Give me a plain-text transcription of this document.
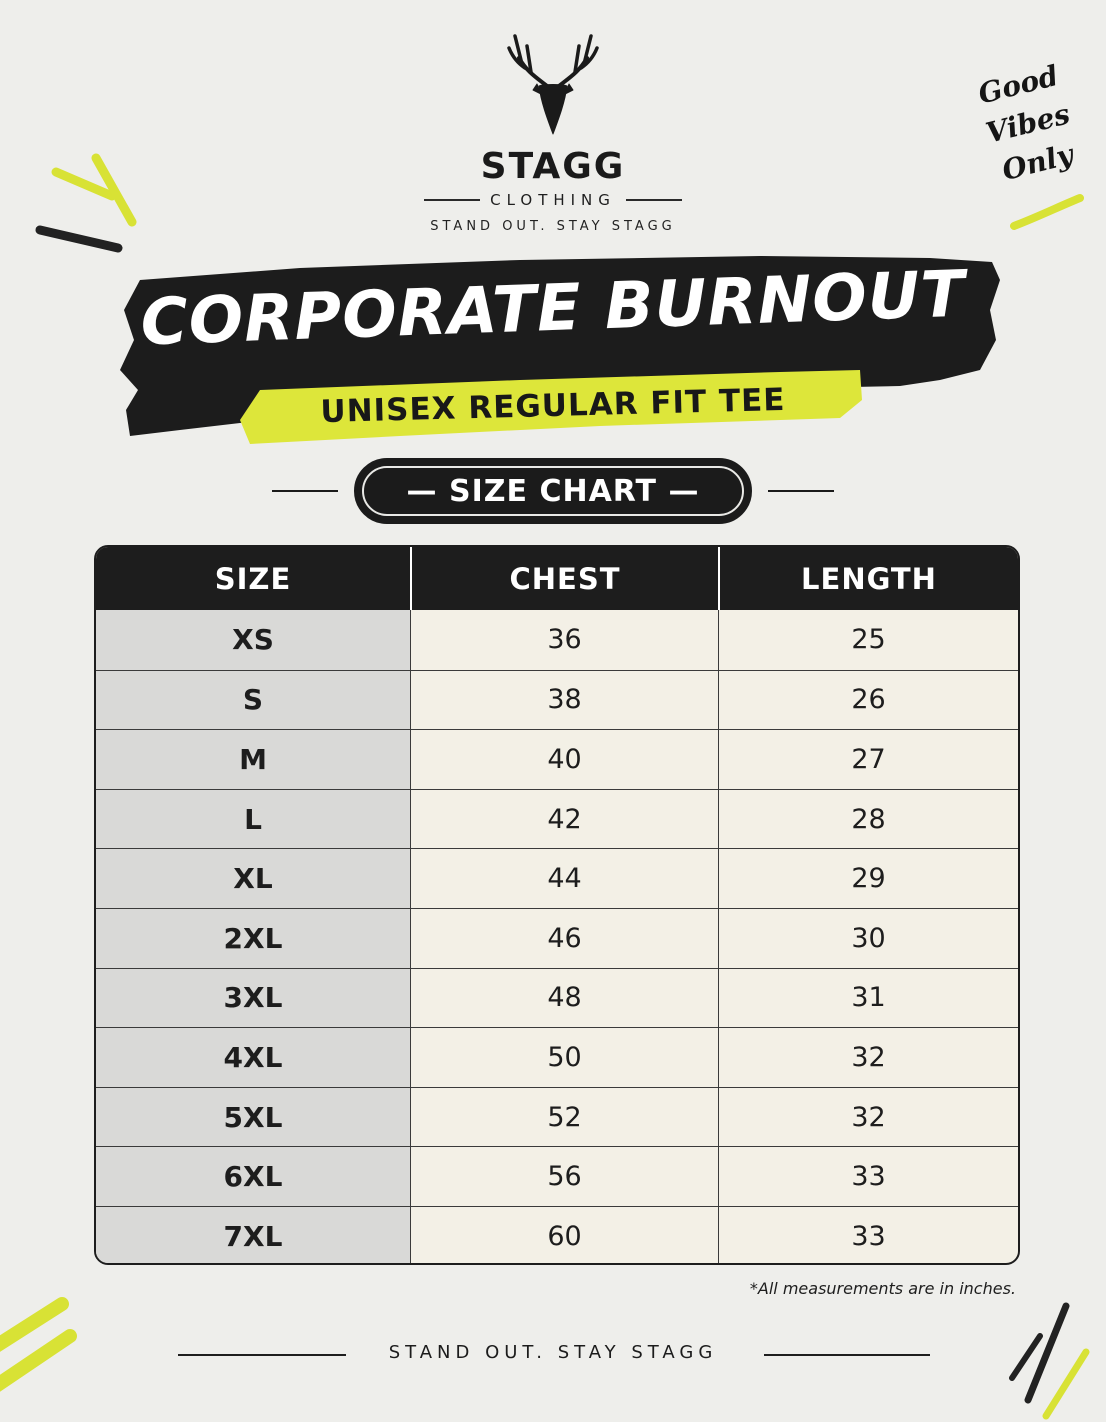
STAGG
CLOTHING
STAND OUT. STAY STAGG
Good
Vibes
Only
CORPORATE BURNOUT
UNISEX REGULAR FIT TEE
— SIZE CHART —
SIZE	CHEST	LENGTH
XS	36	25
S	38	26
M	40	27
L	42	28
XL	44	29
2XL	46	30
3XL	48	31
4XL	50	32
5XL	52	32
6XL	56	33
7XL	60	33
*All measurements are in inches.
STAND OUT. STAY STAGG
